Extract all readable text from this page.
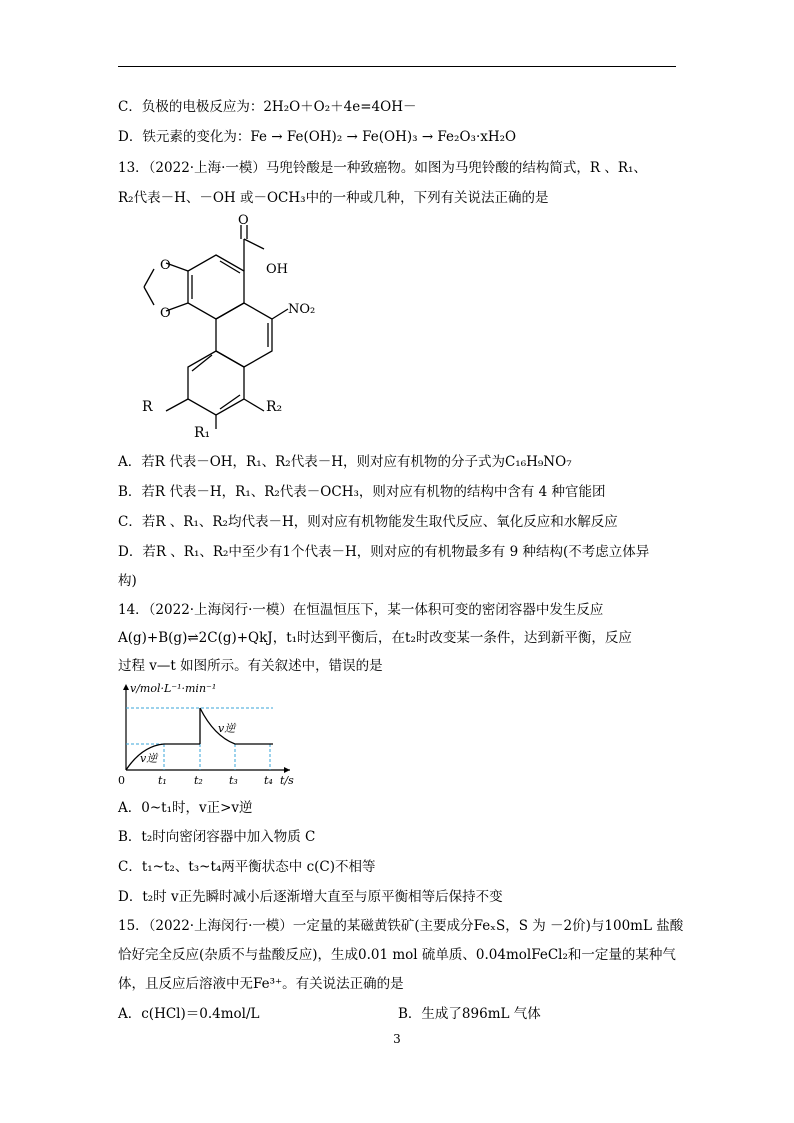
C．负极的电极反应为：2H₂O＋O₂＋4e=4OH－
D．铁元素的变化为：Fe → Fe(OH)₂ → Fe(OH)₃ → Fe₂O₃·xH₂O
13．（2022·上海·一模）马兜铃酸是一种致癌物。如图为马兜铃酸的结构简式，R 、R₁、
R₂代表－H、－OH 或－OCH₃中的一种或几种，下列有关说法正确的是
O
O
O
OH
NO₂
R
R₁
R₂
A．若R 代表－OH，R₁、R₂代表－H，则对应有机物的分子式为C₁₆H₉NO₇
B．若R 代表－H，R₁、R₂代表－OCH₃，则对应有机物的结构中含有 4 种官能团
C．若R 、R₁、R₂均代表－H，则对应有机物能发生取代反应、氧化反应和水解反应
D．若R 、R₁、R₂中至少有1个代表－H，则对应的有机物最多有 9 种结构(不考虑立体异
构)
14．（2022·上海闵行·一模）在恒温恒压下，某一体积可变的密闭容器中发生反应
A(g)+B(g)⇌2C(g)+QkJ，t₁时达到平衡后，在t₂时改变某一条件，达到新平衡，反应
过程 v—t 如图所示。有关叙述中，错误的是
0	t₁ t₂ t₃ t₄ t/s
v/mol·L⁻¹·min⁻¹
v逆
v逆
A．0~t₁时，v正>v逆
B．t₂时向密闭容器中加入物质 C
C．t₁~t₂、t₃~t₄两平衡状态中 c(C)不相等
D．t₂时 v正先瞬时减小后逐渐增大直至与原平衡相等后保持不变
15．（2022·上海闵行·一模）一定量的某磁黄铁矿(主要成分FeₓS，S 为 －2价)与100mL 盐酸
恰好完全反应(杂质不与盐酸反应)，生成0.01 mol 硫单质、0.04molFeCl₂和一定量的某种气
体，且反应后溶液中无Fe³⁺。有关说法正确的是
A．c(HCl)＝0.4mol/L	B．生成了896mL 气体
3
